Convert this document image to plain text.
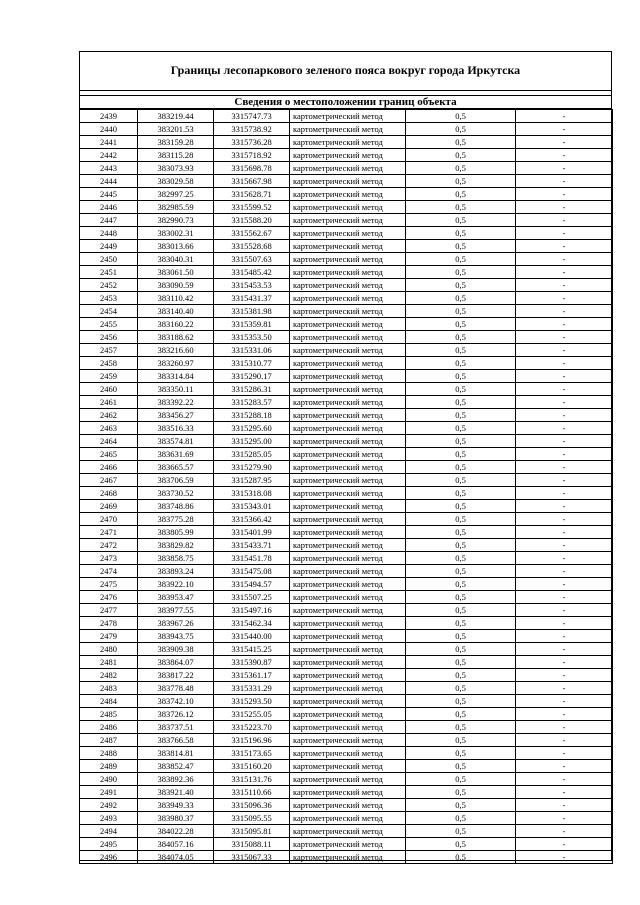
Границы лесопаркового зеленого пояса вокруг города Иркутска
Сведения о местоположении границ объекта
2439	383219.44	3315747.73	картометрический метод	0,5	-
2440	383201.53	3315738.92	картометрический метод	0,5	-
2441	383159.28	3315736.28	картометрический метод	0,5	-
2442	383115.28	3315718.92	картометрический метод	0,5	-
2443	383073.93	3315698.78	картометрический метод	0,5	-
2444	383029.58	3315667.98	картометрический метод	0,5	-
2445	382997.25	3315628.71	картометрический метод	0,5	-
2446	382985.59	3315599.52	картометрический метод	0,5	-
2447	382990.73	3315588.20	картометрический метод	0,5	-
2448	383002.31	3315562.67	картометрический метод	0,5	-
2449	383013.66	3315528.68	картометрический метод	0,5	-
2450	383040.31	3315507.63	картометрический метод	0,5	-
2451	383061.50	3315485.42	картометрический метод	0,5	-
2452	383090.59	3315453.53	картометрический метод	0,5	-
2453	383110.42	3315431.37	картометрический метод	0,5	-
2454	383140.40	3315381.98	картометрический метод	0,5	-
2455	383160.22	3315359.81	картометрический метод	0,5	-
2456	383188.62	3315353.50	картометрический метод	0,5	-
2457	383216.60	3315331.06	картометрический метод	0,5	-
2458	383260.97	3315310.77	картометрический метод	0,5	-
2459	383314.84	3315290.17	картометрический метод	0,5	-
2460	383350.11	3315286.31	картометрический метод	0,5	-
2461	383392.22	3315283.57	картометрический метод	0,5	-
2462	383456.27	3315288.18	картометрический метод	0,5	-
2463	383516.33	3315295.60	картометрический метод	0,5	-
2464	383574.81	3315295.00	картометрический метод	0,5	-
2465	383631.69	3315285.05	картометрический метод	0,5	-
2466	383665.57	3315279.90	картометрический метод	0,5	-
2467	383706.59	3315287.95	картометрический метод	0,5	-
2468	383730.52	3315318.08	картометрический метод	0,5	-
2469	383748.86	3315343.01	картометрический метод	0,5	-
2470	383775.28	3315366.42	картометрический метод	0,5	-
2471	383805.99	3315401.99	картометрический метод	0,5	-
2472	383829.82	3315433.71	картометрический метод	0,5	-
2473	383858.75	3315451.78	картометрический метод	0,5	-
2474	383893.24	3315475.08	картометрический метод	0,5	-
2475	383922.10	3315494.57	картометрический метод	0,5	-
2476	383953.47	3315507.25	картометрический метод	0,5	-
2477	383977.55	3315497.16	картометрический метод	0,5	-
2478	383967.26	3315462.34	картометрический метод	0,5	-
2479	383943.75	3315440.00	картометрический метод	0,5	-
2480	383909.38	3315415.25	картометрический метод	0,5	-
2481	383864.07	3315390.87	картометрический метод	0,5	-
2482	383817.22	3315361.17	картометрический метод	0,5	-
2483	383778.48	3315331.29	картометрический метод	0,5	-
2484	383742.10	3315293.50	картометрический метод	0,5	-
2485	383726.12	3315255.05	картометрический метод	0,5	-
2486	383737.51	3315223.70	картометрический метод	0,5	-
2487	383766.58	3315196.96	картометрический метод	0,5	-
2488	383814.81	3315173.65	картометрический метод	0,5	-
2489	383852.47	3315160.20	картометрический метод	0,5	-
2490	383892.36	3315131.76	картометрический метод	0,5	-
2491	383921.40	3315110.66	картометрический метод	0,5	-
2492	383949.33	3315096.36	картометрический метод	0,5	-
2493	383980.37	3315095.55	картометрический метод	0,5	-
2494	384022.28	3315095.81	картометрический метод	0,5	-
2495	384057.16	3315088.11	картометрический метод	0,5	-
2496	384074.05	3315067.33	картометрический метод	0,5	-
